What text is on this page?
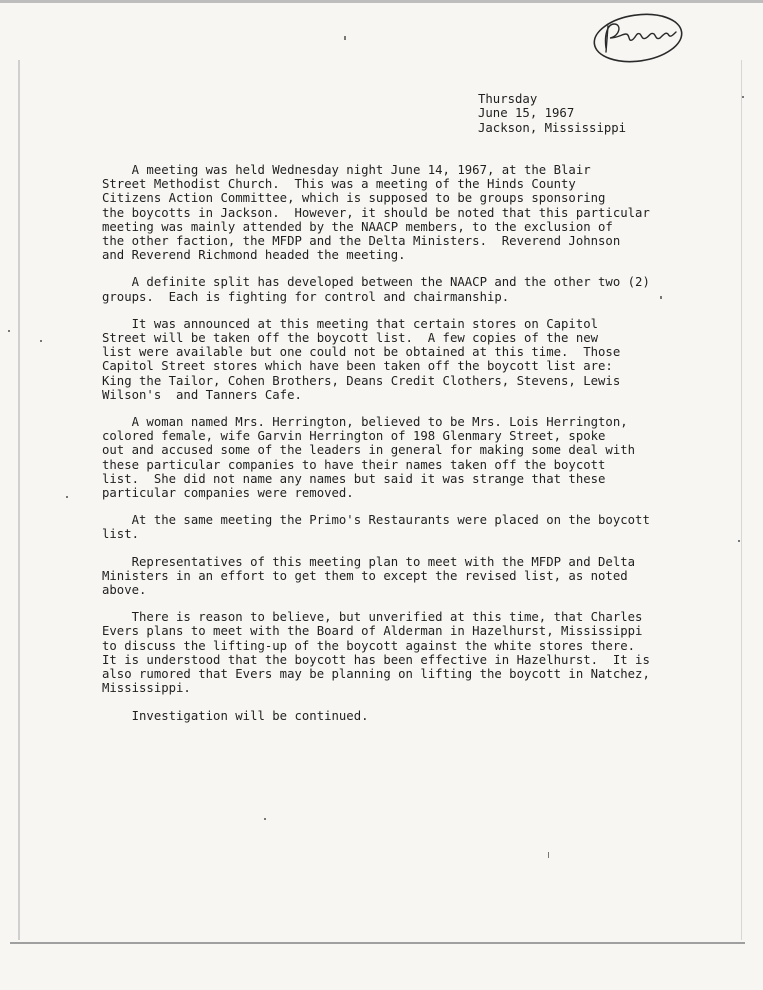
Thursday
June 15, 1967
Jackson, Mississippi

A meeting was held Wednesday night June 14, 1967, at the Blair
Street Methodist Church.  This was a meeting of the Hinds County
Citizens Action Committee, which is supposed to be groups sponsoring
the boycotts in Jackson.  However, it should be noted that this particular
meeting was mainly attended by the NAACP members, to the exclusion of
the other faction, the MFDP and the Delta Ministers.  Reverend Johnson
and Reverend Richmond headed the meeting.

A definite split has developed between the NAACP and the other two (2)
groups.  Each is fighting for control and chairmanship.

It was announced at this meeting that certain stores on Capitol
Street will be taken off the boycott list.  A few copies of the new
list were available but one could not be obtained at this time.  Those
Capitol Street stores which have been taken off the boycott list are:
King the Tailor, Cohen Brothers, Deans Credit Clothers, Stevens, Lewis
Wilson's  and Tanners Cafe.

A woman named Mrs. Herrington, believed to be Mrs. Lois Herrington,
colored female, wife Garvin Herrington of 198 Glenmary Street, spoke
out and accused some of the leaders in general for making some deal with
these particular companies to have their names taken off the boycott
list.  She did not name any names but said it was strange that these
particular companies were removed.

At the same meeting the Primo's Restaurants were placed on the boycott
list.

Representatives of this meeting plan to meet with the MFDP and Delta
Ministers in an effort to get them to except the revised list, as noted
above.

There is reason to believe, but unverified at this time, that Charles
Evers plans to meet with the Board of Alderman in Hazelhurst, Mississippi
to discuss the lifting-up of the boycott against the white stores there.
It is understood that the boycott has been effective in Hazelhurst.  It is
also rumored that Evers may be planning on lifting the boycott in Natchez,
Mississippi.

Investigation will be continued.
